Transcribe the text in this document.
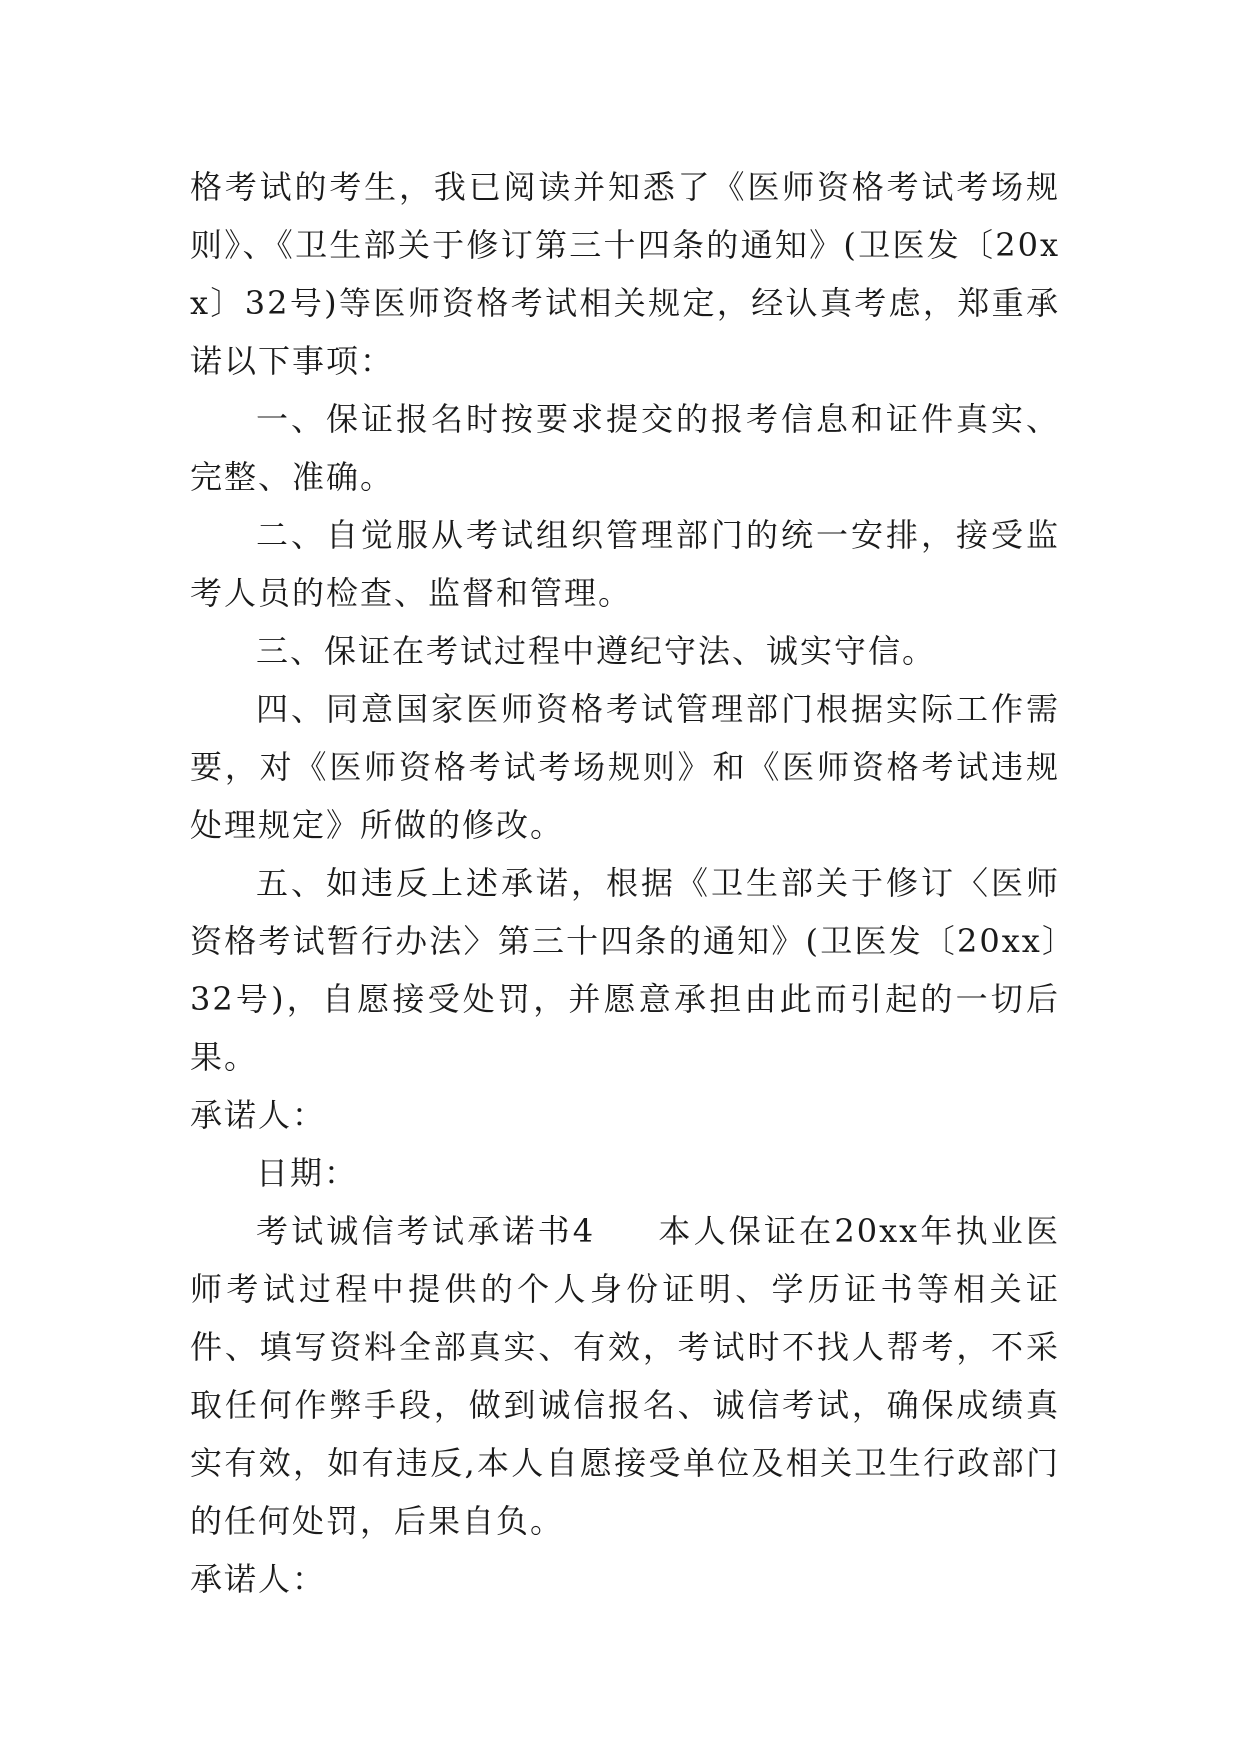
格考试的考生，我已阅读并知悉了《医师资格考试考场规则》、《卫生部关于修订第三十四条的通知》(卫医发〔20xx〕32号)等医师资格考试相关规定，经认真考虑，郑重承诺以下事项：

一、保证报名时按要求提交的报考信息和证件真实、完整、准确。

二、自觉服从考试组织管理部门的统一安排，接受监考人员的检查、监督和管理。

三、保证在考试过程中遵纪守法、诚实守信。

四、同意国家医师资格考试管理部门根据实际工作需要，对《医师资格考试考场规则》和《医师资格考试违规处理规定》所做的修改。

五、如违反上述承诺，根据《卫生部关于修订〈医师资格考试暂行办法〉第三十四条的通知》(卫医发〔20xx〕32号)，自愿接受处罚，并愿意承担由此而引起的一切后果。

承诺人：

日期：

考试诚信考试承诺书4 本人保证在20xx年执业医师考试过程中提供的个人身份证明、学历证书等相关证件、填写资料全部真实、有效，考试时不找人帮考，不采取任何作弊手段，做到诚信报名、诚信考试，确保成绩真实有效，如有违反,本人自愿接受单位及相关卫生行政部门的任何处罚，后果自负。

承诺人：
